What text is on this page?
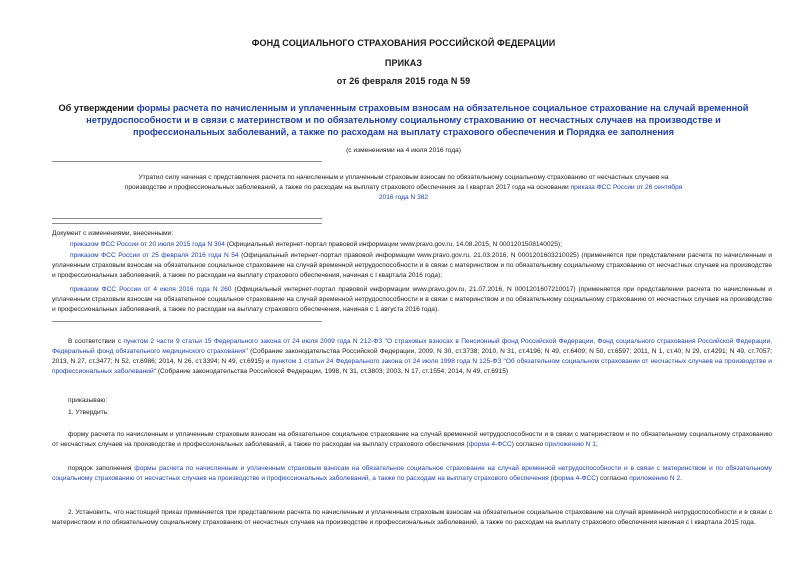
ФОНД СОЦИАЛЬНОГО СТРАХОВАНИЯ РОССИЙСКОЙ ФЕДЕРАЦИИ
ПРИКАЗ
от 26 февраля 2015 года N 59
Об утверждении формы расчета по начисленным и уплаченным страховым взносам на обязательное социальное страхование на случай временной нетрудоспособности и в связи с материнством и по обязательному социальному страхованию от несчастных случаев на производстве и профессиональных заболеваний, а также по расходам на выплату страхового обеспечения и Порядка ее заполнения
(с изменениями на 4 июля 2016 года)
Утратил силу начиная с представления расчета по начисленным и уплаченным страховым взносам по обязательному социальному страхованию от несчастных случаев на производстве и профессиональных заболеваний, а также по расходам на выплату страхового обеспечения за I квартал 2017 года на основании приказа ФСС России от 26 сентября 2016 года N 382
Документ с изменениями, внесенными:
приказом ФСС России от 20 июля 2015 года N 304 (Официальный интернет-портал правовой информации www.pravo.gov.ru, 14.08.2015, N 0001201508140025);
приказом ФСС России от 25 февраля 2016 года N 54 (Официальный интернет-портал правовой информации www.pravo.gov.ru, 21.03.2016, N 0001201603210025) (применяется при представлении расчета по начисленным и уплаченным страховым взносам на обязательное социальное страхование на случай временной нетрудоспособности и в связи с материнством и по обязательному социальному страхованию от несчастных случаев на производстве и профессиональных заболеваний, а также по расходам на выплату страхового обеспечения, начиная с I квартала 2016 года);
приказом ФСС России от 4 июля 2016 года N 260 (Официальный интернет-портал правовой информации www.pravo.gov.ru, 21.07.2016, N 0001201607210017) (применяется при представлении расчета по начисленным и уплаченным страховым взносам на обязательное социальное страхование на случай временной нетрудоспособности и в связи с материнством и по обязательному социальному страхованию от несчастных случаев на производстве и профессиональных заболеваний, а также по расходам на выплату страхового обеспечения, начиная с 1 августа 2016 года).
В соответствии с пунктом 2 части 9 статьи 15 Федерального закона от 24 июля 2009 года N 212-ФЗ "О страховых взносах в Пенсионный фонд Российской Федерации, Фонд социального страхования Российской Федерации, Федеральный фонд обязательного медицинского страхования" (Собрание законодательства Российской Федерации, 2009, N 30, ст.3738; 2010, N 31, ст.4196; N 49, ст.6409; N 50, ст.6597; 2011, N 1, ст.40; N 29, ст.4291; N 49, ст.7057; 2013, N 27, ст.3477; N 52, ст.6986; 2014, N 26, ст.3394; N 49, ст.6915) и пунктом 1 статьи 24 Федерального закона от 24 июля 1998 года N 125-ФЗ "Об обязательном социальном страховании от несчастных случаев на производстве и профессиональных заболеваний" (Собрание законодательства Российской Федерации, 1998, N 31, ст.3803; 2003, N 17, ст.1554; 2014, N 49, ст.6915)
приказываю:
1. Утвердить:
форму расчета по начисленным и уплаченным страховым взносам на обязательное социальное страхование на случай временной нетрудоспособности и в связи с материнством и по обязательному социальному страхованию от несчастных случаев на производстве и профессиональных заболеваний, а также по расходам на выплату страхового обеспечения (форма 4-ФСС) согласно приложению N 1;
порядок заполнения формы расчета по начисленным и уплаченным страховым взносам на обязательное социальное страхование на случай временной нетрудоспособности и в связи с материнством и по обязательному социальному страхованию от несчастных случаев на производстве и профессиональных заболеваний, а также по расходам на выплату страхового обеспечения (форма 4-ФСС) согласно приложению N 2.
2. Установить, что настоящий приказ применяется при представлении расчета по начисленным и уплаченным страховым взносам на обязательное социальное страхование на случай временной нетрудоспособности и в связи с материнством и по обязательному социальному страхованию от несчастных случаев на производстве и профессиональных заболеваний, а также по расходам на выплату страхового обеспечения начиная с I квартала 2015 года.
